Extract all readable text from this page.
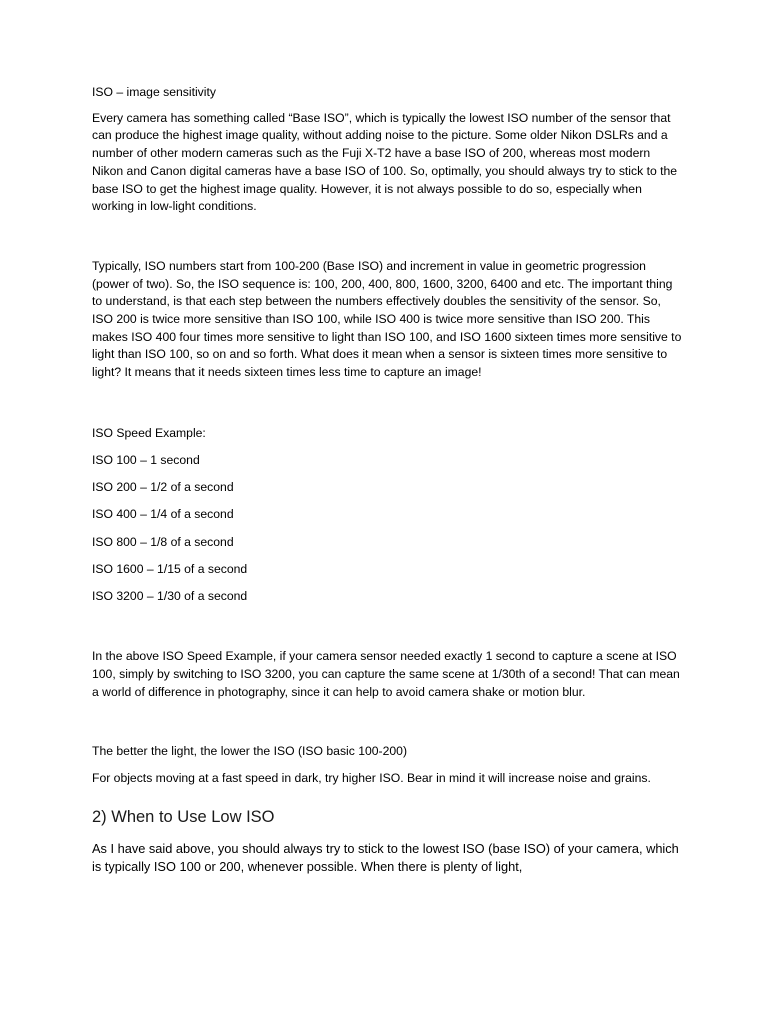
ISO – image sensitivity

Every camera has something called “Base ISO”, which is typically the lowest ISO number of the sensor that can produce the highest image quality, without adding noise to the picture. Some older Nikon DSLRs and a number of other modern cameras such as the Fuji X-T2 have a base ISO of 200, whereas most modern Nikon and Canon digital cameras have a base ISO of 100. So, optimally, you should always try to stick to the base ISO to get the highest image quality. However, it is not always possible to do so, especially when working in low-light conditions.

Typically, ISO numbers start from 100-200 (Base ISO) and increment in value in geometric progression (power of two). So, the ISO sequence is: 100, 200, 400, 800, 1600, 3200, 6400 and etc. The important thing to understand, is that each step between the numbers effectively doubles the sensitivity of the sensor. So, ISO 200 is twice more sensitive than ISO 100, while ISO 400 is twice more sensitive than ISO 200. This makes ISO 400 four times more sensitive to light than ISO 100, and ISO 1600 sixteen times more sensitive to light than ISO 100, so on and so forth. What does it mean when a sensor is sixteen times more sensitive to light? It means that it needs sixteen times less time to capture an image!

ISO Speed Example:

ISO 100 – 1 second

ISO 200 – 1/2 of a second

ISO 400 – 1/4 of a second

ISO 800 – 1/8 of a second

ISO 1600 – 1/15 of a second

ISO 3200 – 1/30 of a second

In the above ISO Speed Example, if your camera sensor needed exactly 1 second to capture a scene at ISO 100, simply by switching to ISO 3200, you can capture the same scene at 1/30th of a second! That can mean a world of difference in photography, since it can help to avoid camera shake or motion blur.

The better the light, the lower the ISO (ISO basic 100-200)

For objects moving at a fast speed in dark, try higher ISO. Bear in mind it will increase noise and grains.

2) When to Use Low ISO

As I have said above, you should always try to stick to the lowest ISO (base ISO) of your camera, which is typically ISO 100 or 200, whenever possible. When there is plenty of light,
